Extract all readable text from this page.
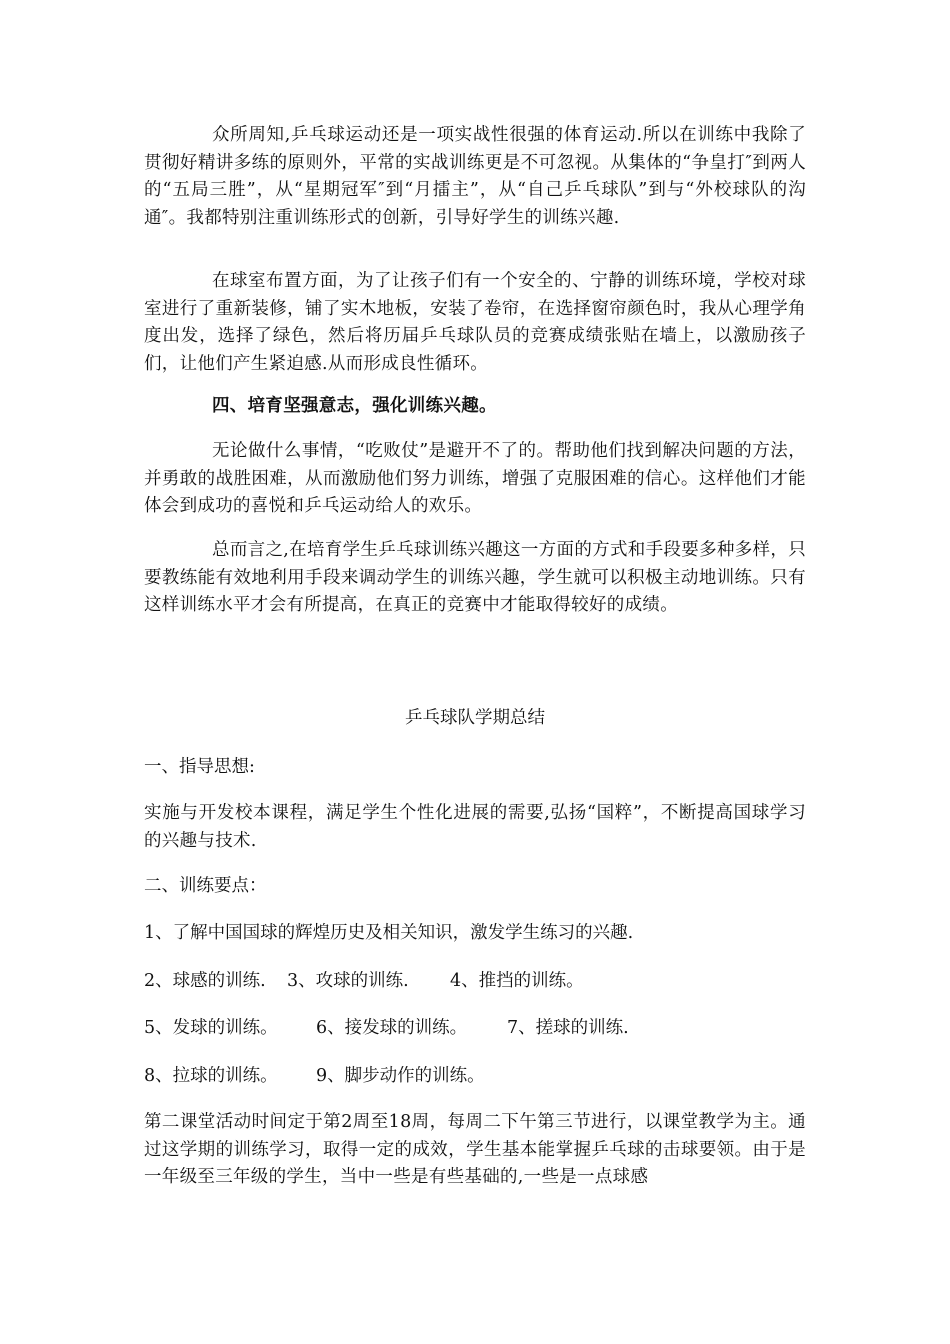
众所周知,乒乓球运动还是一项实战性很强的体育运动.所以在训练中我除了贯彻好精讲多练的原则外，平常的实战训练更是不可忽视。从集体的“争皇打″到两人的“五局三胜”，从“星期冠军″到“月擂主”，从“自己乒乓球队”到与“外校球队的沟通″。我都特别注重训练形式的创新，引导好学生的训练兴趣.

在球室布置方面，为了让孩子们有一个安全的、宁静的训练环境，学校对球室进行了重新装修，铺了实木地板，安装了卷帘，在选择窗帘颜色时，我从心理学角度出发，选择了绿色，然后将历届乒乓球队员的竞赛成绩张贴在墙上，以激励孩子们，让他们产生紧迫感.从而形成良性循环。

四、培育坚强意志，强化训练兴趣。

无论做什么事情，“吃败仗”是避开不了的。帮助他们找到解决问题的方法，并勇敢的战胜困难，从而激励他们努力训练，增强了克服困难的信心。这样他们才能体会到成功的喜悦和乒乓运动给人的欢乐。

总而言之,在培育学生乒乓球训练兴趣这一方面的方式和手段要多种多样，只要教练能有效地利用手段来调动学生的训练兴趣，学生就可以积极主动地训练。只有这样训练水平才会有所提高，在真正的竞赛中才能取得较好的成绩。

乒乓球队学期总结

一、指导思想:

实施与开发校本课程，满足学生个性化进展的需要,弘扬“国粹”，不断提高国球学习的兴趣与技术.

二、训练要点：

1、了解中国国球的辉煌历史及相关知识，激发学生练习的兴趣.

2、球感的训练. 3、攻球的训练. 4、推挡的训练。

5、发球的训练。 6、接发球的训练。 7、搓球的训练.

8、拉球的训练。 9、脚步动作的训练。

第二课堂活动时间定于第2周至18周，每周二下午第三节进行，以课堂教学为主。通过这学期的训练学习，取得一定的成效，学生基本能掌握乒乓球的击球要领。由于是一年级至三年级的学生，当中一些是有些基础的,一些是一点球感
